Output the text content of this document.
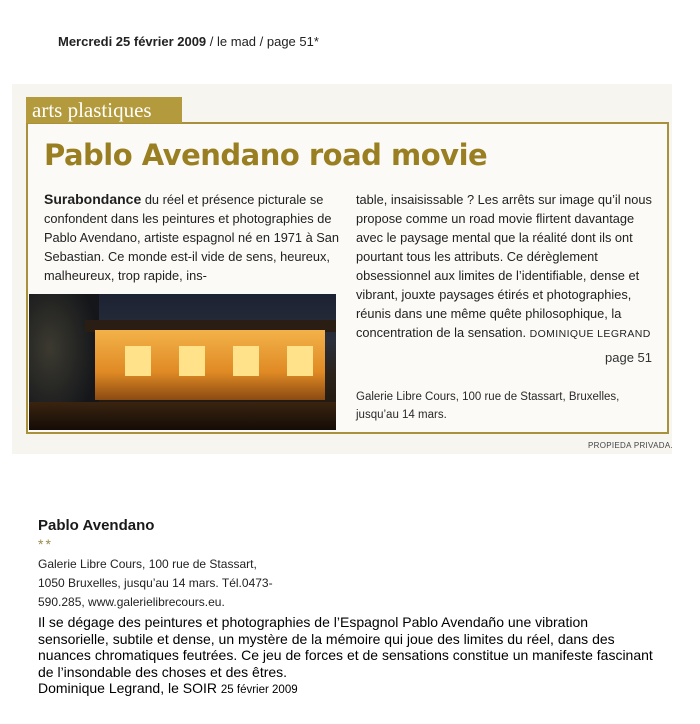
Mercredi 25 février 2009 / le mad / page 51*
arts plastiques
Pablo Avendano road movie
Surabondance du réel et présence picturale se confondent dans les peintures et photographies de Pablo Avendano, artiste espagnol né en 1971 à San Sebastian. Ce monde est-il vide de sens, heureux, malheureux, trop rapide, ins-
table, insaisissable ? Les arrêts sur image qu’il nous propose comme un road movie flirtent davantage avec le paysage mental que la réalité dont ils ont pourtant tous les attributs. Ce dérèglement obsessionnel aux limites de l’identifiable, dense et vibrant, jouxte paysages étirés et photographies, réunis dans une même quête philosophique, la concentration de la sensation. DOMINIQUE LEGRAND
page 51
Galerie Libre Cours, 100 rue de Stassart, Bruxelles, jusqu’au 14 mars.
PROPIEDA PRIVADA.
Pablo Avendano
**
Galerie Libre Cours, 100 rue de Stassart, 1050 Bruxelles, jusqu’au 14 mars. Tél.0473-590.285, www.galerielibrecours.eu.
Il se dégage des peintures et photographies de l’Espagnol Pablo Avendaño une vibration sensorielle, subtile et dense, un mystère de la mémoire qui joue des limites du réel, dans des nuances chromatiques feutrées. Ce jeu de forces et de sensations constitue un manifeste fascinant de l’insondable des choses et des êtres.
Dominique Legrand, le SOIR 25 février 2009
